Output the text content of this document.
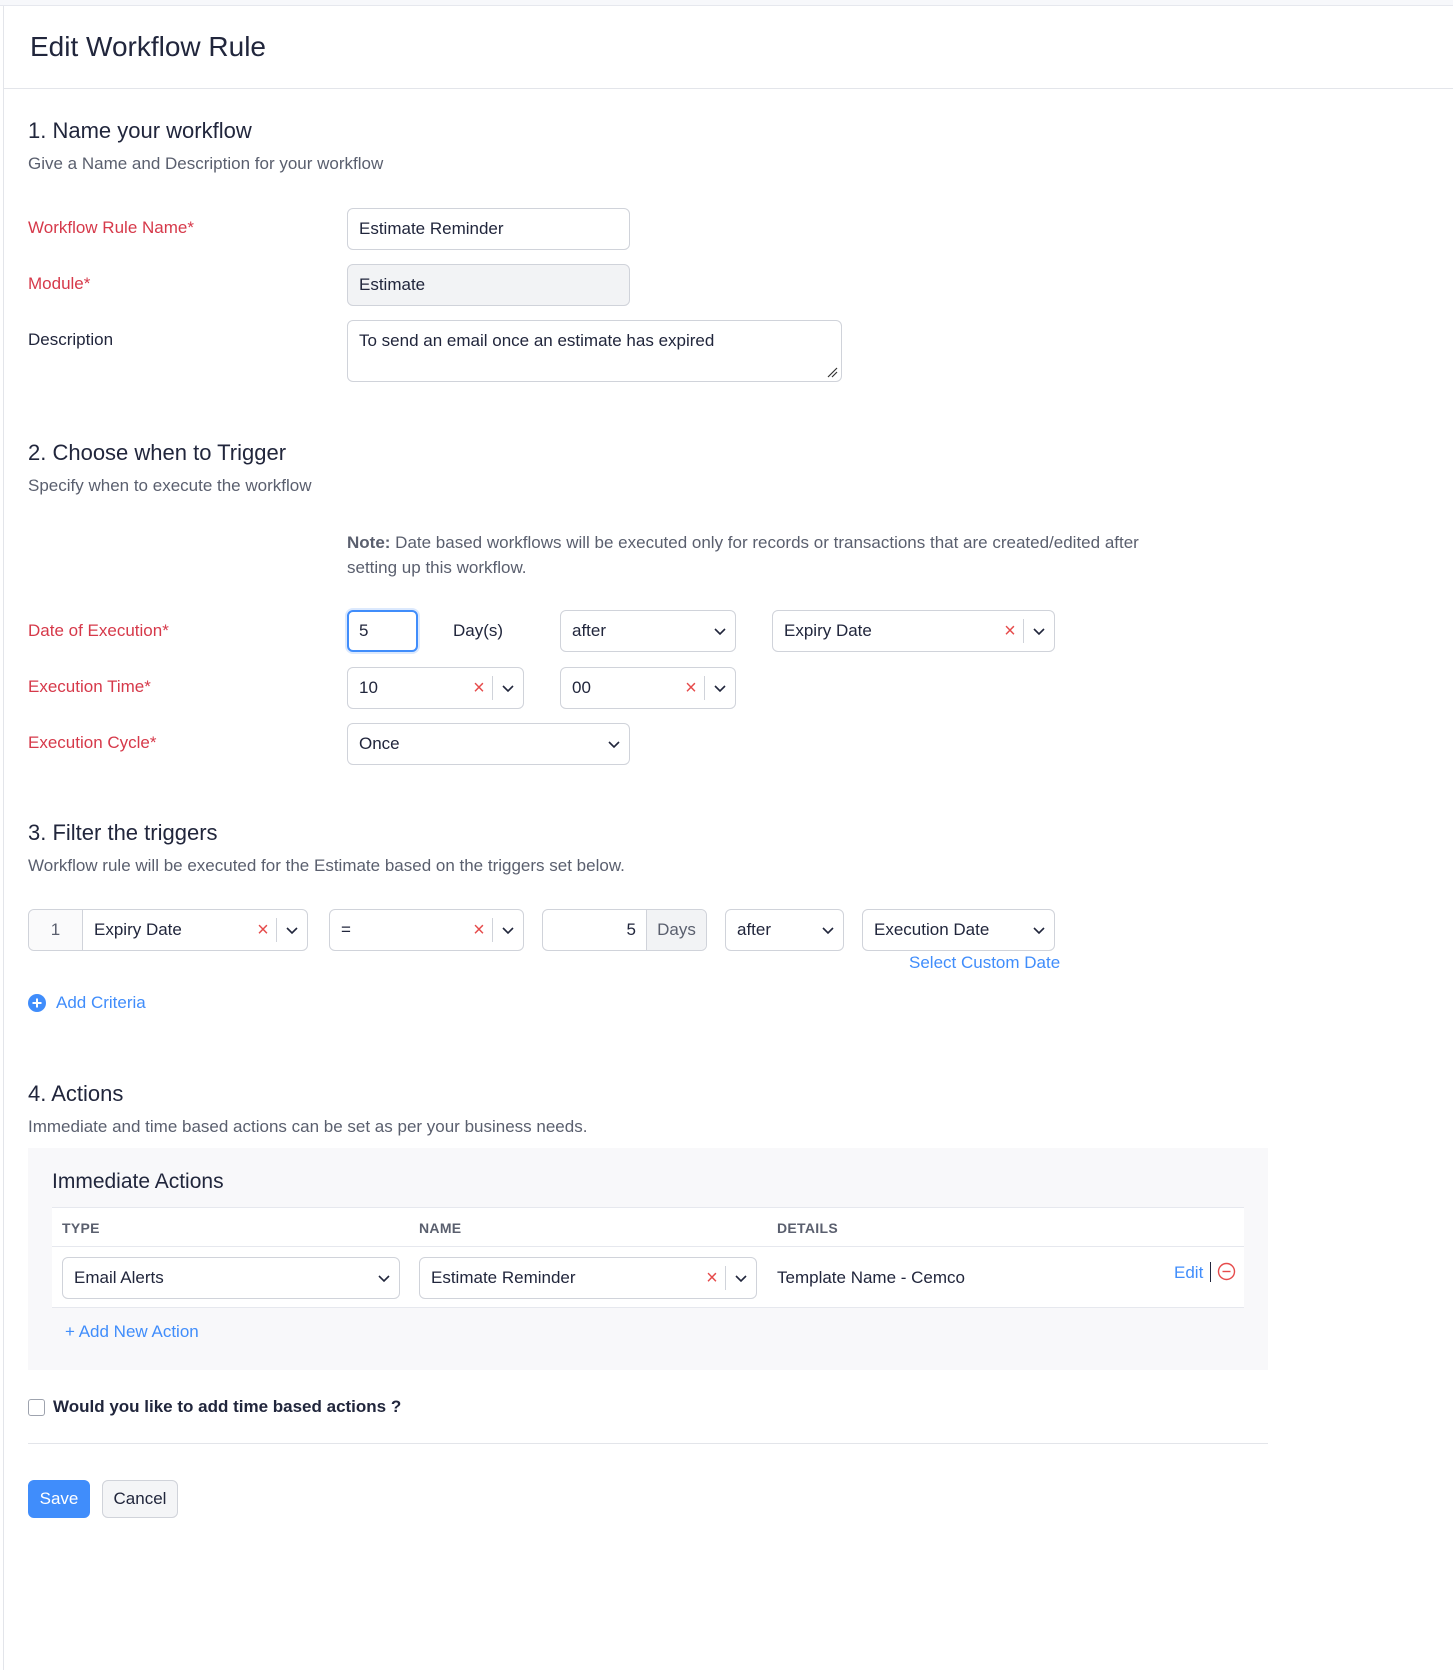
Edit Workflow Rule
1. Name your workflow
Give a Name and Description for your workflow
Workflow Rule Name*	Estimate Reminder
Module*	Estimate
Description	To send an email once an estimate has expired
2. Choose when to Trigger
Specify when to execute the workflow
Note: Date based workflows will be executed only for records or transactions that are created/edited after setting up this workflow.
Date of Execution*	5	Day(s)	after	Expiry Date	×
Execution Time*	10	×	00	×
Execution Cycle*	Once
3. Filter the triggers
Workflow rule will be executed for the Estimate based on the triggers set below.
1	Expiry Date	×	=	×	5	Days	after	Execution Date
Select Custom Date
Add Criteria
4. Actions
Immediate and time based actions can be set as per your business needs.
Immediate Actions
TYPE	NAME	DETAILS
Email Alerts	Estimate Reminder	×	Template Name - Cemco	Edit
+ Add New Action
Would you like to add time based actions ?
Save	Cancel
